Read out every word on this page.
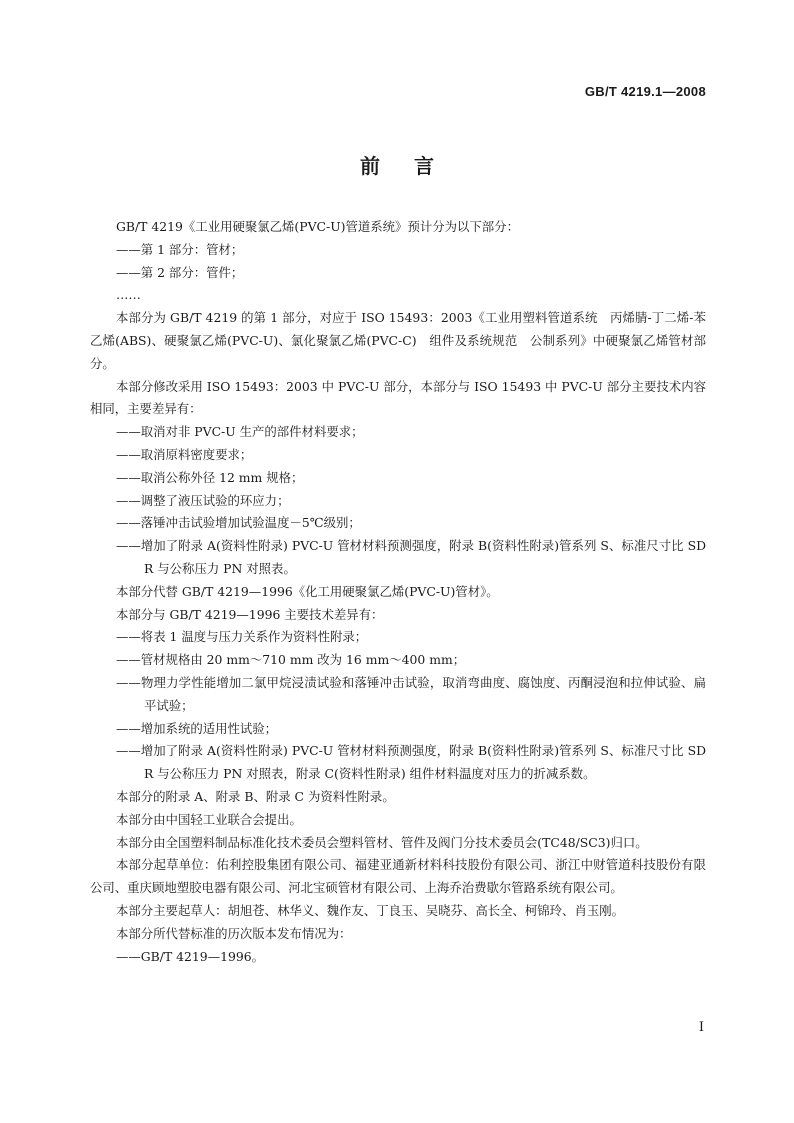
GB/T 4219.1—2008
前言

GB/T 4219《工业用硬聚氯乙烯(PVC-U)管道系统》预计分为以下部分：

——第 1 部分：管材；

——第 2 部分：管件；

……

本部分为 GB/T 4219 的第 1 部分，对应于 ISO 15493：2003《工业用塑料管道系统　丙烯腈-丁二烯-苯乙烯(ABS)、硬聚氯乙烯(PVC-U)、氯化聚氯乙烯(PVC-C)　组件及系统规范　公制系列》中硬聚氯乙烯管材部分。

本部分修改采用 ISO 15493：2003 中 PVC-U 部分，本部分与 ISO 15493 中 PVC-U 部分主要技术内容相同，主要差异有：

——取消对非 PVC-U 生产的部件材料要求；

——取消原料密度要求；

——取消公称外径 12 mm 规格；

——调整了液压试验的环应力；

——落锤冲击试验增加试验温度－5℃级别；

——增加了附录 A(资料性附录) PVC-U 管材材料预测强度，附录 B(资料性附录)管系列 S、标准尺寸比 SDR 与公称压力 PN 对照表。

本部分代替 GB/T 4219—1996《化工用硬聚氯乙烯(PVC-U)管材》。

本部分与 GB/T 4219—1996 主要技术差异有：

——将表 1 温度与压力关系作为资料性附录；

——管材规格由 20 mm～710 mm 改为 16 mm～400 mm；

——物理力学性能增加二氯甲烷浸渍试验和落锤冲击试验，取消弯曲度、腐蚀度、丙酮浸泡和拉伸试验、扁平试验；

——增加系统的适用性试验；

——增加了附录 A(资料性附录) PVC-U 管材材料预测强度，附录 B(资料性附录)管系列 S、标准尺寸比 SDR 与公称压力 PN 对照表，附录 C(资料性附录) 组件材料温度对压力的折减系数。

本部分的附录 A、附录 B、附录 C 为资料性附录。

本部分由中国轻工业联合会提出。

本部分由全国塑料制品标准化技术委员会塑料管材、管件及阀门分技术委员会(TC48/SC3)归口。

本部分起草单位：佑利控股集团有限公司、福建亚通新材料科技股份有限公司、浙江中财管道科技股份有限公司、重庆顾地塑胶电器有限公司、河北宝硕管材有限公司、上海乔治费歇尔管路系统有限公司。

本部分主要起草人：胡旭苍、林华义、魏作友、丁良玉、吴晓芬、高长全、柯锦玲、肖玉刚。

本部分所代替标准的历次版本发布情况为：

——GB/T 4219—1996。

I
